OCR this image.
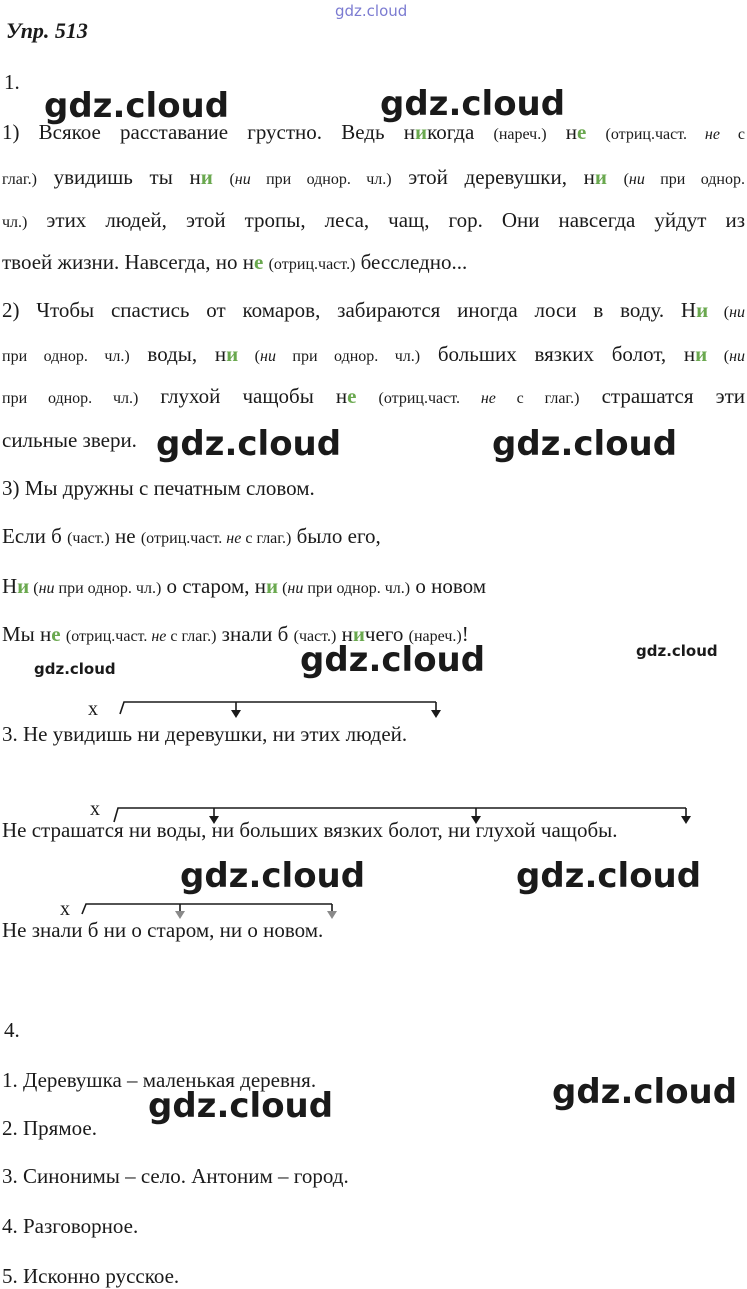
gdz.cloud
Упр. 513
1.
1) Всякое расставание грустно. Ведь никогда (нареч.) не (отриц.част. не с
глаг.) увидишь ты ни (ни при однор. чл.) этой деревушки, ни (ни при однор.
чл.) этих людей, этой тропы, леса, чащ, гор. Они навсегда уйдут из
твоей жизни. Навсегда, но не (отриц.част.) бесследно...
2) Чтобы спастись от комаров, забираются иногда лоси в воду. Ни (ни
при однор. чл.) воды, ни (ни при однор. чл.) больших вязких болот, ни (ни
при однор. чл.) глухой чащобы не (отриц.част. не с глаг.) страшатся эти
сильные звери.
3) Мы дружны с печатным словом.
Если б (част.) не (отриц.част. не с глаг.) было его,
Ни (ни при однор. чл.) о старом, ни (ни при однор. чл.) о новом
Мы не (отриц.част. не с глаг.) знали б (част.) ничего (нареч.)!
х
3. Не увидишь ни деревушки, ни этих людей.
х
Не страшатся ни воды, ни больших вязких болот, ни глухой чащобы.
х
Не знали б ни о старом, ни о новом.
4.
1. Деревушка – маленькая деревня.
2. Прямое.
3. Синонимы – село. Антоним – город.
4. Разговорное.
5. Исконно русское.
gdz.cloud	gdz.cloud
gdz.cloud	gdz.cloud
gdz.cloud	gdz.cloud	gdz.cloud
gdz.cloud	gdz.cloud
gdz.cloud	gdz.cloud
